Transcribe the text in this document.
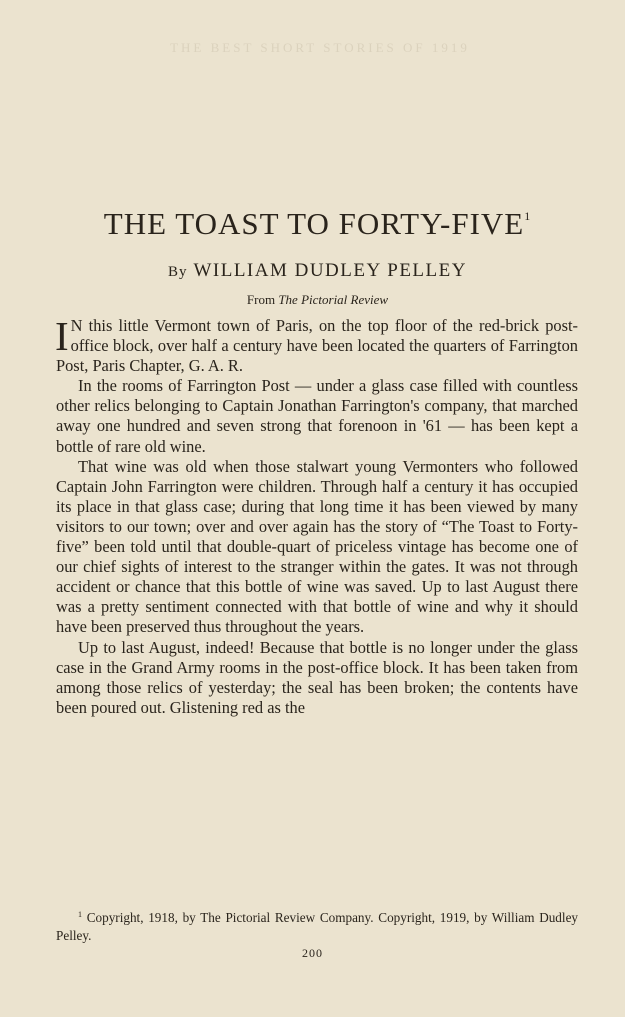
THE BEST SHORT STORIES OF 1919
THE TOAST TO FORTY-FIVE$^1$
By WILLIAM DUDLEY PELLEY
From The Pictorial Review

I N this little Vermont town of Paris, on the top floor of the red-brick post-office block, over half a century have been located the quarters of Farrington Post, Paris Chapter, G. A. R.

In the rooms of Farrington Post — under a glass case filled with countless other relics belonging to Captain Jonathan Farrington's company, that marched away one hundred and seven strong that forenoon in '61 — has been kept a bottle of rare old wine.

That wine was old when those stalwart young Vermonters who followed Captain John Farrington were children. Through half a century it has occupied its place in that glass case; during that long time it has been viewed by many visitors to our town; over and over again has the story of “The Toast to Forty-five” been told until that double-quart of priceless vintage has become one of our chief sights of interest to the stranger within the gates. It was not through accident or chance that this bottle of wine was saved. Up to last August there was a pretty sentiment connected with that bottle of wine and why it should have been preserved thus throughout the years.

Up to last August, indeed! Because that bottle is no longer under the glass case in the Grand Army rooms in the post-office block. It has been taken from among those relics of yesterday; the seal has been broken; the contents have been poured out. Glistening red as the

$^1$ Copyright, 1918, by The Pictorial Review Company. Copyright, 1919, by William Dudley Pelley.
200
